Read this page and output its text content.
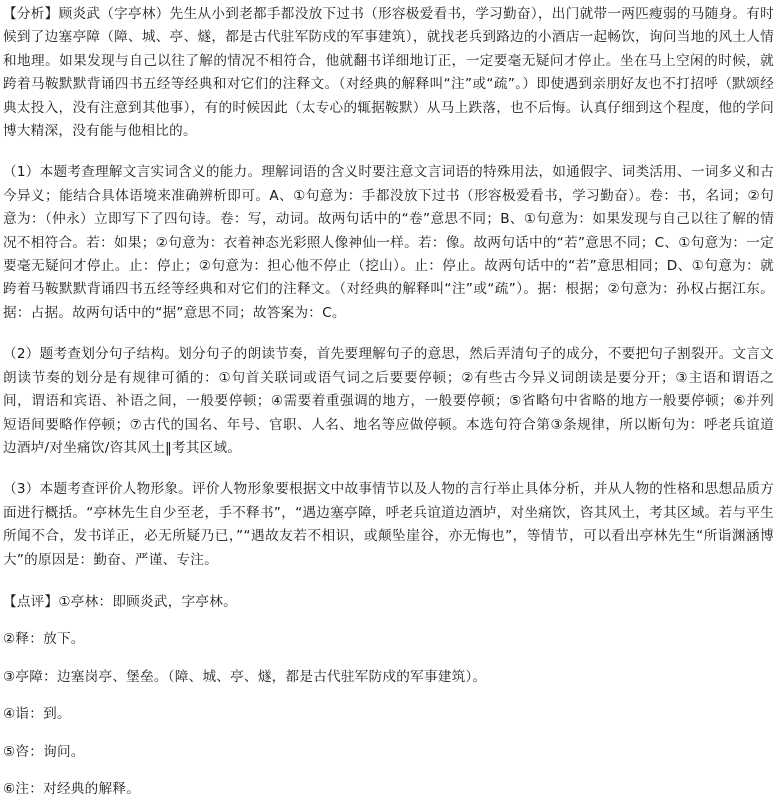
【分析】顾炎武（字亭林）先生从小到老都手都没放下过书（形容极爱看书，学习勤奋），出门就带一两匹瘦弱的马随身。有时候到了边塞亭障（障、城、亭、燧，都是古代驻军防戍的军事建筑），就找老兵到路边的小酒店一起畅饮，询问当地的风土人情和地理。如果发现与自己以往了解的情况不相符合，他就翻书详细地订正，一定要毫无疑问才停止。坐在马上空闲的时候，就跨着马鞍默默背诵四书五经等经典和对它们的注释文。（对经典的解释叫“注”或“疏”。）即使遇到亲朋好友也不打招呼（默颂经典太投入，没有注意到其他事），有的时候因此（太专心的辄据鞍默）从马上跌落，也不后悔。认真仔细到这个程度，他的学问博大精深，没有能与他相比的。

（1）本题考查理解文言实词含义的能力。理解词语的含义时要注意文言词语的特殊用法，如通假字、词类活用、一词多义和古今异义；能结合具体语境来准确辨析即可。A、①句意为：手都没放下过书（形容极爱看书，学习勤奋）。卷：书，名词；②句意为：（仲永）立即写下了四句诗。卷：写，动词。故两句话中的“卷”意思不同；B、①句意为：如果发现与自己以往了解的情况不相符合。若：如果；②句意为：衣着神态光彩照人像神仙一样。若：像。故两句话中的“若”意思不同；C、①句意为：一定要毫无疑问才停止。止：停止；②句意为：担心他不停止（挖山）。止：停止。故两句话中的“若”意思相同；D、①句意为：就跨着马鞍默默背诵四书五经等经典和对它们的注释文。（对经典的解释叫“注”或“疏”）。据：根据；②句意为：孙权占据江东。据：占据。故两句话中的“据”意思不同；故答案为：C。

（2）题考查划分句子结构。划分句子的朗读节奏，首先要理解句子的意思，然后弄清句子的成分，不要把句子割裂开。文言文朗读节奏的划分是有规律可循的：①句首关联词或语气词之后要要停顿；②有些古今异义词朗读是要分开；③主语和谓语之间，谓语和宾语、补语之间，一般要停顿；④需要着重强调的地方，一般要停顿；⑤省略句中省略的地方一般要停顿；⑥并列短语间要略作停顿；⑦古代的国名、年号、官职、人名、地名等应做停顿。本选句符合第③条规律，所以断句为：呼老兵谊道边酒垆/对坐痛饮/咨其风土‖考其区域。

（3）本题考查评价人物形象。评价人物形象要根据文中故事情节以及人物的言行举止具体分析，并从人物的性格和思想品质方面进行概括。“亭林先生自少至老，手不释书”，“遇边塞亭障，呼老兵谊道边酒垆，对坐痛饮，咨其风土，考其区域。若与平生所闻不合，发书详正，必无所疑乃已，”“遇故友若不相识，或颠坠崖谷，亦无悔也”，等情节，可以看出亭林先生“所诣渊涵博大”的原因是：勤奋、严谨、专注。

【点评】①亭林：即顾炎武，字亭林。

②释：放下。

③亭障：边塞岗亭、堡垒。（障、城、亭、燧，都是古代驻军防戍的军事建筑）。

④诣：到。

⑤咨：询问。

⑥注：对经典的解释。

zxxk.com
zxxk.com
zxxk.com
zxxk.com
